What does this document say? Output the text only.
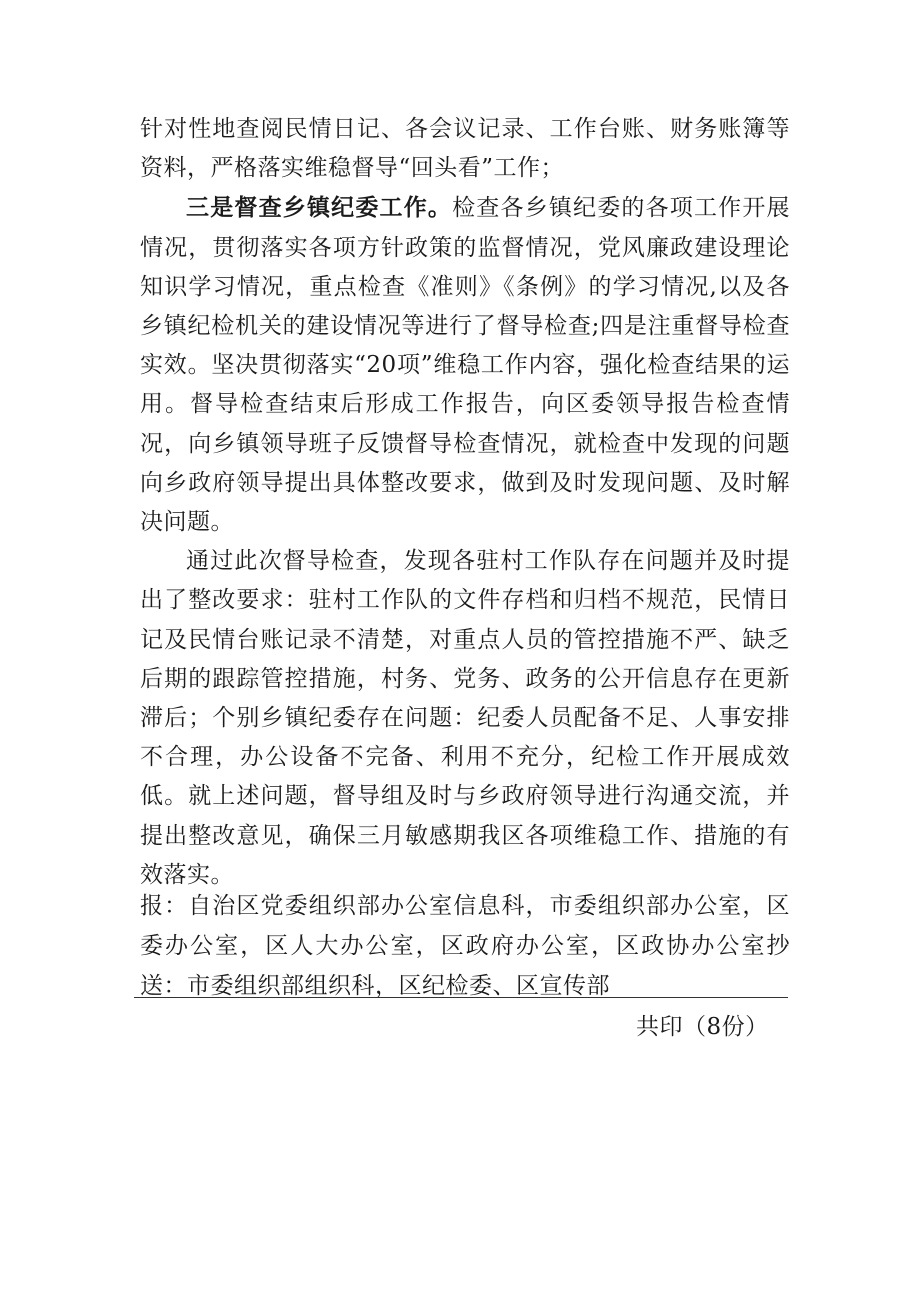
针对性地查阅民情日记、各会议记录、工作台账、财务账簿等资料，严格落实维稳督导“回头看”工作；

三是督查乡镇纪委工作。检查各乡镇纪委的各项工作开展情况，贯彻落实各项方针政策的监督情况，党风廉政建设理论知识学习情况，重点检查《准则》《条例》的学习情况,以及各乡镇纪检机关的建设情况等进行了督导检查;四是注重督导检查实效。坚决贯彻落实“20项”维稳工作内容，强化检查结果的运用。督导检查结束后形成工作报告，向区委领导报告检查情况，向乡镇领导班子反馈督导检查情况，就检查中发现的问题向乡政府领导提出具体整改要求，做到及时发现问题、及时解决问题。

通过此次督导检查，发现各驻村工作队存在问题并及时提出了整改要求：驻村工作队的文件存档和归档不规范，民情日记及民情台账记录不清楚，对重点人员的管控措施不严、缺乏后期的跟踪管控措施，村务、党务、政务的公开信息存在更新滞后；个别乡镇纪委存在问题：纪委人员配备不足、人事安排不合理，办公设备不完备、利用不充分，纪检工作开展成效低。就上述问题，督导组及时与乡政府领导进行沟通交流，并提出整改意见，确保三月敏感期我区各项维稳工作、措施的有效落实。

报：自治区党委组织部办公室信息科，市委组织部办公室，区委办公室，区人大办公室，区政府办公室，区政协办公室抄送：市委组织部组织科，区纪检委、区宣传部
共印（8份）
